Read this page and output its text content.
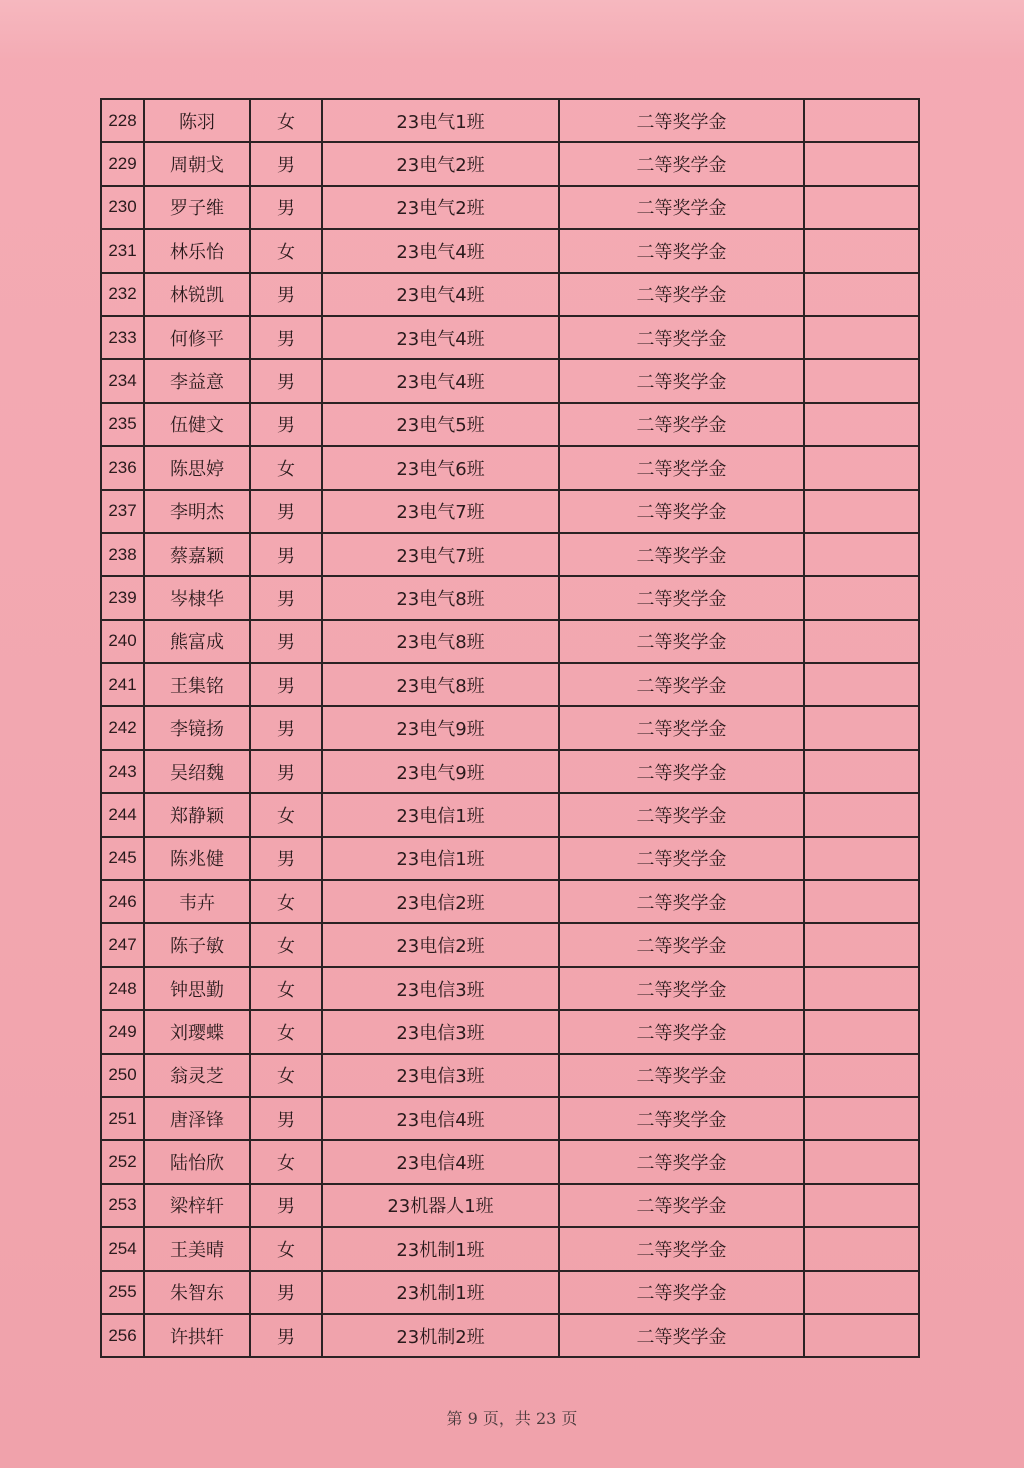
228	陈羽	女	23电气1班	二等奖学金	
229	周朝戈	男	23电气2班	二等奖学金	
230	罗子维	男	23电气2班	二等奖学金	
231	林乐怡	女	23电气4班	二等奖学金	
232	林锐凯	男	23电气4班	二等奖学金	
233	何修平	男	23电气4班	二等奖学金	
234	李益意	男	23电气4班	二等奖学金	
235	伍健文	男	23电气5班	二等奖学金	
236	陈思婷	女	23电气6班	二等奖学金	
237	李明杰	男	23电气7班	二等奖学金	
238	蔡嘉颖	男	23电气7班	二等奖学金	
239	岑棣华	男	23电气8班	二等奖学金	
240	熊富成	男	23电气8班	二等奖学金	
241	王集铭	男	23电气8班	二等奖学金	
242	李镜扬	男	23电气9班	二等奖学金	
243	吴绍魏	男	23电气9班	二等奖学金	
244	郑静颖	女	23电信1班	二等奖学金	
245	陈兆健	男	23电信1班	二等奖学金	
246	韦卉	女	23电信2班	二等奖学金	
247	陈子敏	女	23电信2班	二等奖学金	
248	钟思勤	女	23电信3班	二等奖学金	
249	刘璎蝶	女	23电信3班	二等奖学金	
250	翁灵芝	女	23电信3班	二等奖学金	
251	唐泽锋	男	23电信4班	二等奖学金	
252	陆怡欣	女	23电信4班	二等奖学金	
253	梁梓轩	男	23机器人1班	二等奖学金	
254	王美晴	女	23机制1班	二等奖学金	
255	朱智东	男	23机制1班	二等奖学金	
256	许拱轩	男	23机制2班	二等奖学金	
第 9 页，共 23 页
